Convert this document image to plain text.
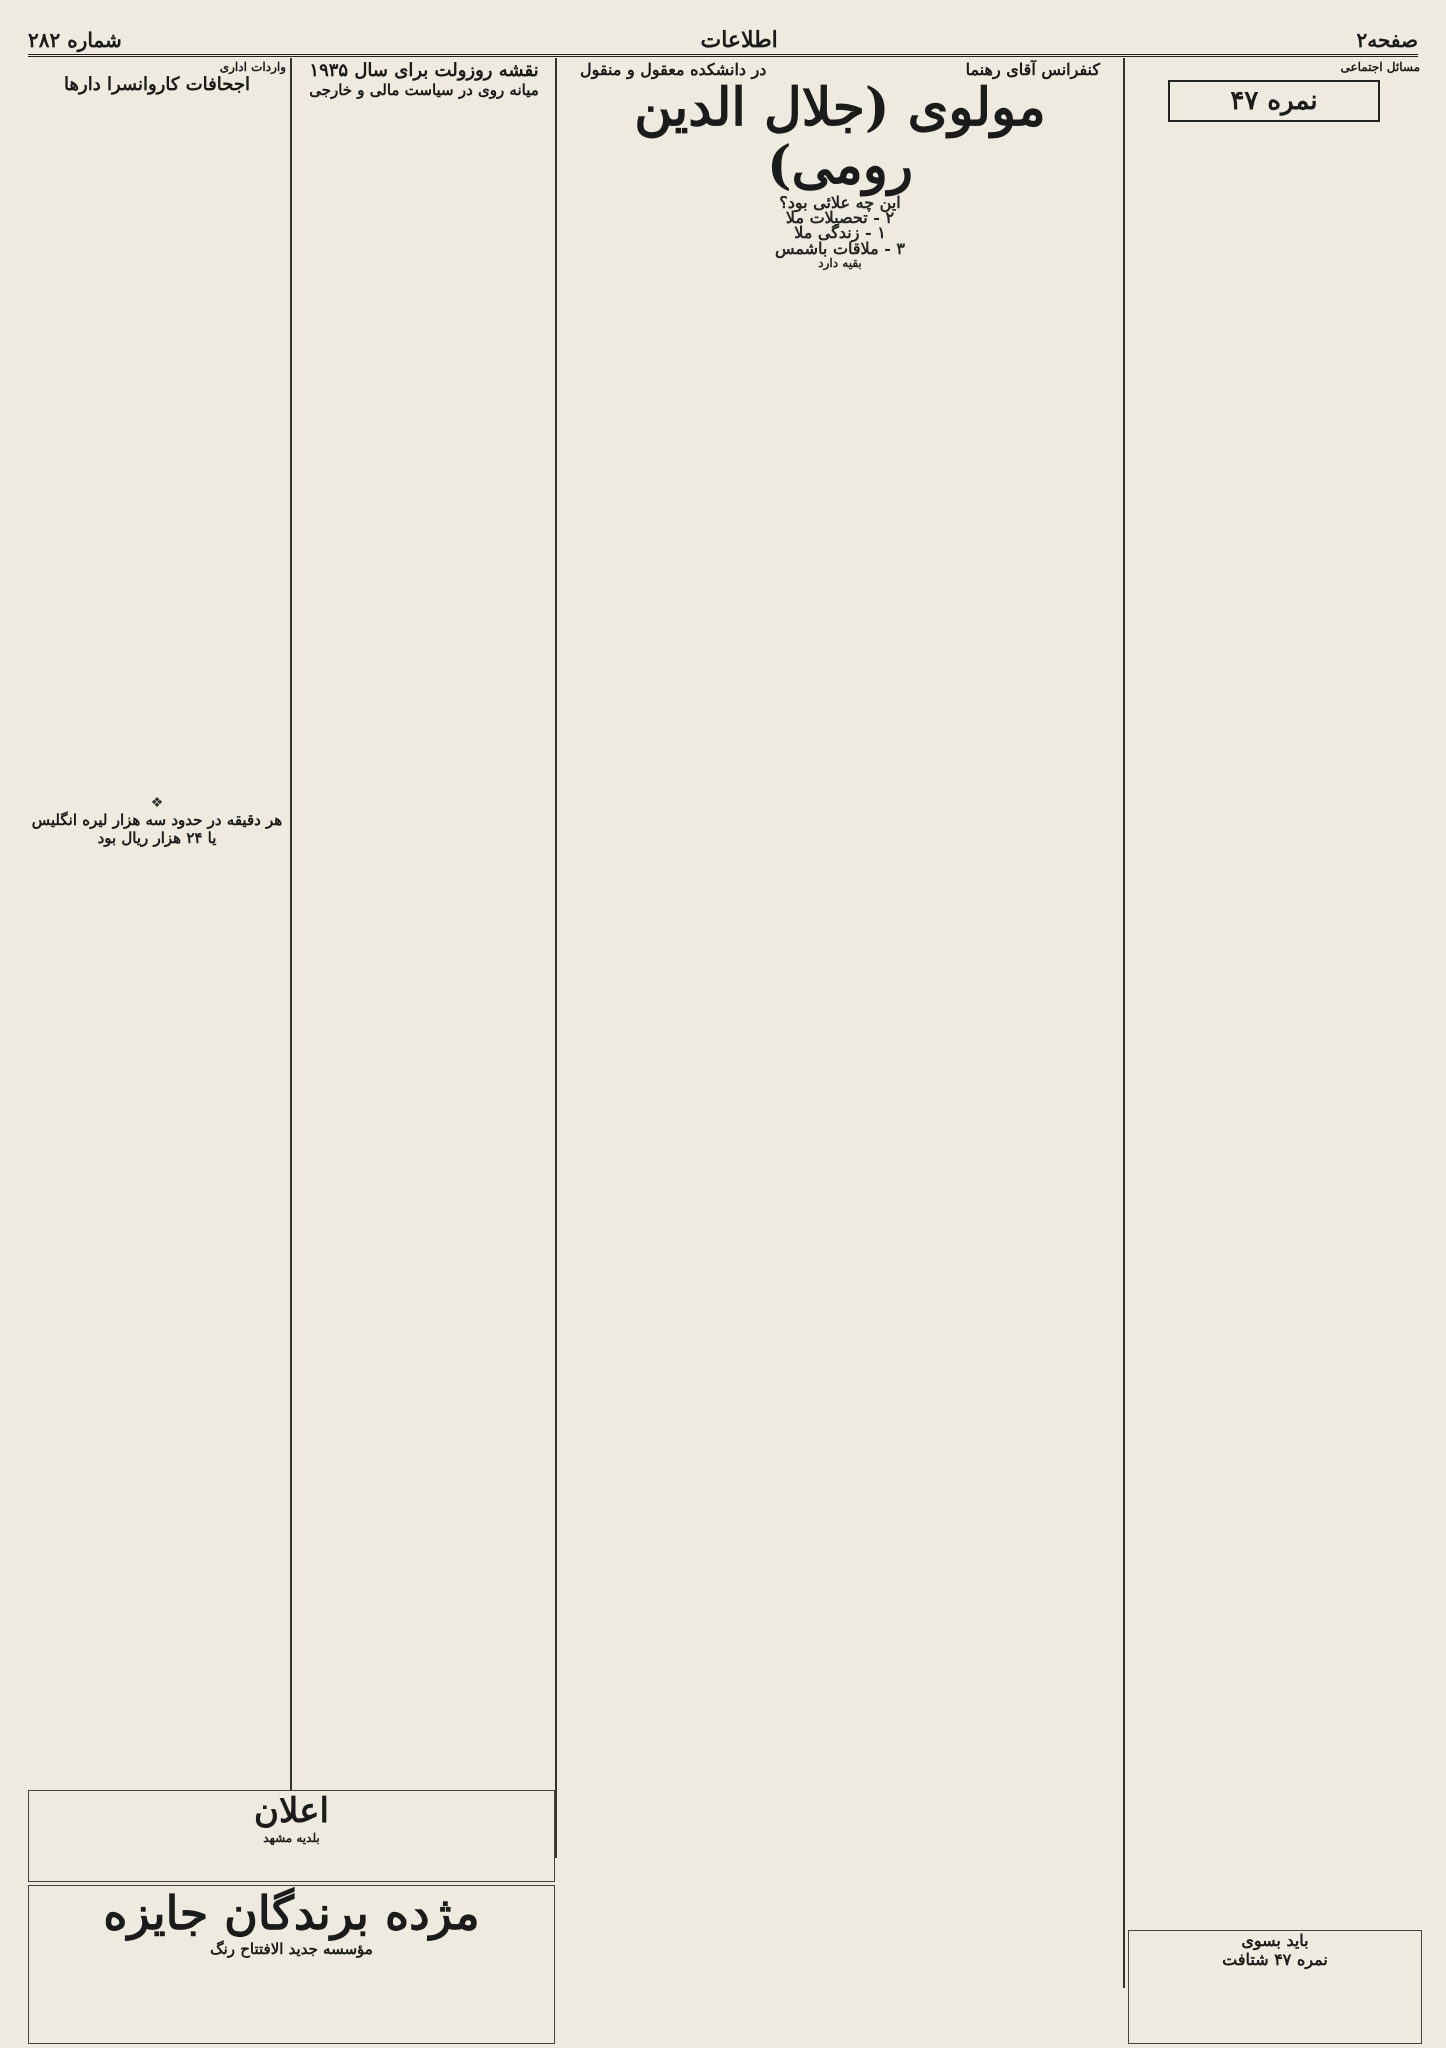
شماره ۲۸۲	اطلاعات	صفحه۲
مسائل اجتماعی
نمره ۴۷
باید بسوی
نمره ۴۷ شتافت
در دانشکده معقول و منقول	کنفرانس آقای رهنما
مولوی (جلال الدین رومی)
این چه علائی بود؟
۲ - تحصیلات ملا
۱ - زندگی ملا
۳ - ملاقات باشمس
بقیه دارد
نقشه روزولت برای سال ۱۹۳۵
میانه روی در سیاست مالی و خارجی
واردات اداری
اجحافات کاروانسرا دارها
❖
هر دقیقه در حدود سه هزار لیره انگلیس یا ۲۴ هزار ریال بود
اعلان
بلدیه مشهد
مژده برندگان جایزه
مؤسسه جدید الافتتاح رنگ
